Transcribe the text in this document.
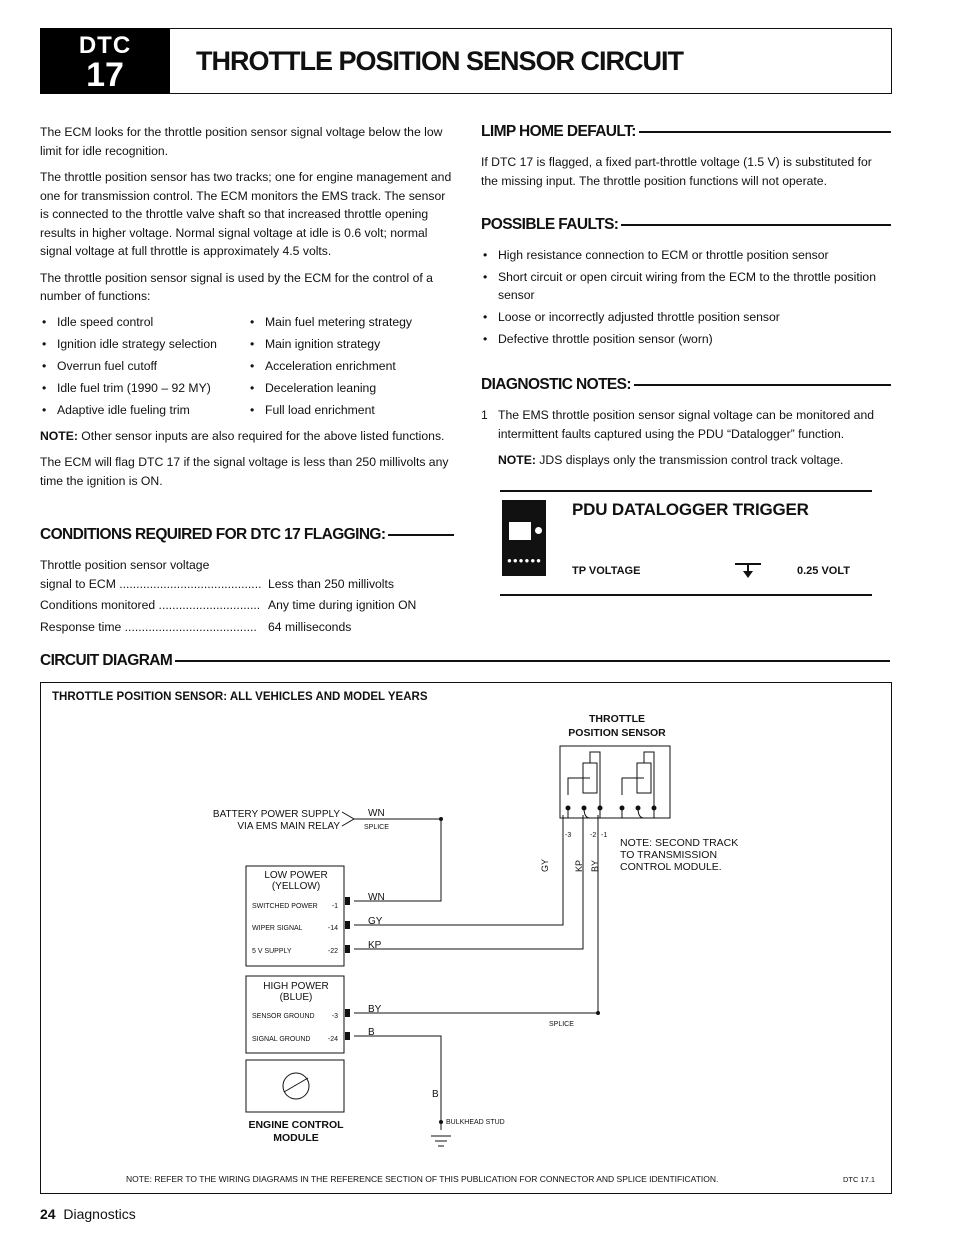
DTC
17	THROTTLE POSITION SENSOR CIRCUIT

The ECM looks for the throttle position sensor signal voltage below the low limit for idle recognition.

The throttle position sensor has two tracks; one for engine management and one for transmission control. The ECM monitors the EMS track. The sensor is connected to the throttle valve shaft so that increased throttle opening results in higher voltage. Normal signal voltage at idle is 0.6 volt; normal signal voltage at full throttle is approximately 4.5 volts.

The throttle position sensor signal is used by the ECM for the control of a number of functions:

• Idle speed control	• Main fuel metering strategy
• Ignition idle strategy selection	• Main ignition strategy
• Overrun fuel cutoff	• Acceleration enrichment
• Idle fuel trim (1990 – 92 MY)	• Deceleration leaning
• Adaptive idle fueling trim	• Full load enrichment

NOTE: Other sensor inputs are also required for the above listed functions.

The ECM will flag DTC 17 if the signal voltage is less than 250 millivolts any time the ignition is ON.

CONDITIONS REQUIRED FOR DTC 17 FLAGGING:

Throttle position sensor voltage

signal to ECM .......................................... Less than 250 millivolts
Conditions monitored .............................. Any time during ignition ON
Response time ....................................... 64 milliseconds
LIMP HOME DEFAULT:

If DTC 17 is flagged, a fixed part-throttle voltage (1.5 V) is substituted for the missing input. The throttle position functions will not operate.

POSSIBLE FAULTS:
• High resistance connection to ECM or throttle position sensor
• Short circuit or open circuit wiring from the ECM to the throttle position sensor
• Loose or incorrectly adjusted throttle position sensor
• Defective throttle position sensor (worn)
DIAGNOSTIC NOTES:
1 The EMS throttle position sensor signal voltage can be monitored and intermittent faults captured using the PDU “Datalogger” function.

NOTE: JDS displays only the transmission control track voltage.

●●●●●●
PDU DATALOGGER TRIGGER
TP VOLTAGE	0.25 VOLT
CIRCUIT DIAGRAM
THROTTLE POSITION SENSOR: ALL VEHICLES AND MODEL YEARS
THROTTLE
POSITION SENSOR
BATTERY POWER SUPPLY
VIA EMS MAIN RELAY
WN
SPLICE
LOW POWER
(YELLOW)
HIGH POWER
(BLUE)
SWITCHED POWER -1
WN
WIPER SIGNAL	-14
GY
5 V SUPPLY	-22
KP
SENSOR GROUND -3
BY
SIGNAL GROUND -24
B
ENGINE CONTROL
MODULE
B
BULKHEAD STUD
SPLICE
-3	-2 -1
GY	KP BY
NOTE: SECOND TRACK
TO TRANSMISSION
CONTROL MODULE.
NOTE: REFER TO THE WIRING DIAGRAMS IN THE REFERENCE SECTION OF THIS PUBLICATION FOR CONNECTOR AND SPLICE IDENTIFICATION.	DTC 17.1
24 Diagnostics
